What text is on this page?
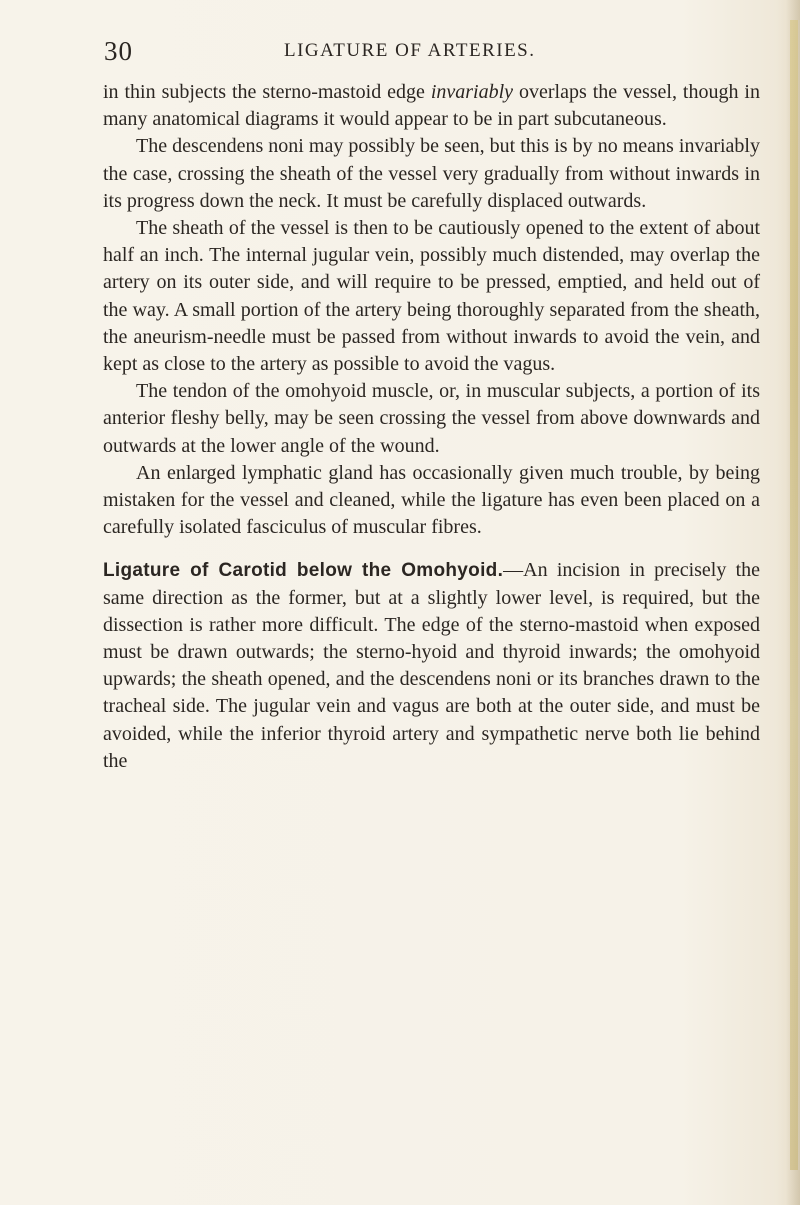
30	LIGATURE OF ARTERIES.

in thin subjects the sterno-mastoid edge invariably overlaps the vessel, though in many anatomical diagrams it would appear to be in part subcutaneous.

The descendens noni may possibly be seen, but this is by no means invariably the case, crossing the sheath of the vessel very gradually from without inwards in its progress down the neck. It must be carefully displaced outwards.

The sheath of the vessel is then to be cautiously opened to the extent of about half an inch. The internal jugular vein, possibly much distended, may overlap the artery on its outer side, and will require to be pressed, emptied, and held out of the way. A small portion of the artery being thoroughly separated from the sheath, the aneurism-needle must be passed from without inwards to avoid the vein, and kept as close to the artery as possible to avoid the vagus.

The tendon of the omohyoid muscle, or, in muscular subjects, a portion of its anterior fleshy belly, may be seen crossing the vessel from above downwards and outwards at the lower angle of the wound.

An enlarged lymphatic gland has occasionally given much trouble, by being mistaken for the vessel and cleaned, while the ligature has even been placed on a carefully isolated fasciculus of muscular fibres.

Ligature of Carotid below the Omohyoid.—An incision in precisely the same direction as the former, but at a slightly lower level, is required, but the dissection is rather more difficult. The edge of the sterno-mastoid when exposed must be drawn outwards; the sterno-hyoid and thyroid inwards; the omohyoid upwards; the sheath opened, and the descendens noni or its branches drawn to the tracheal side. The jugular vein and vagus are both at the outer side, and must be avoided, while the inferior thyroid artery and sympathetic nerve both lie behind the
